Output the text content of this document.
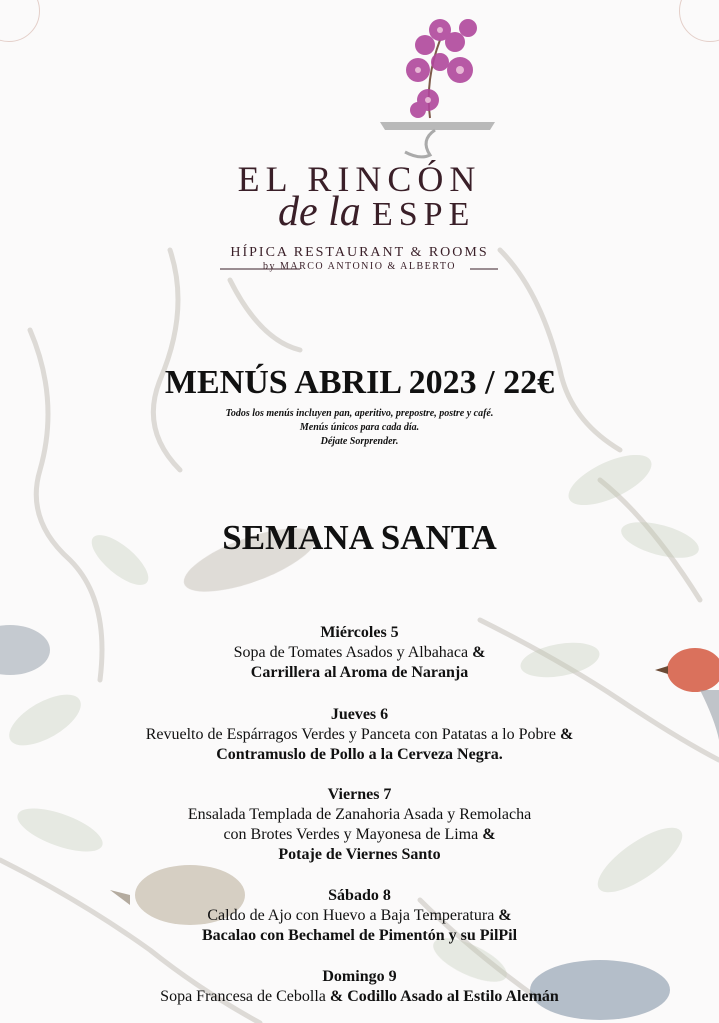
EL RINCÓN
de la ESPE
HÍPICA RESTAURANT & ROOMS
by MARCO ANTONIO & ALBERTO
MENÚS ABRIL 2023 / 22€
Todos los menús incluyen pan, aperitivo, prepostre, postre y café.
Menús únicos para cada día.
Déjate Sorprender.
SEMANA SANTA
Miércoles 5
Sopa de Tomates Asados y Albahaca &
Carrillera al Aroma de Naranja
Jueves 6
Revuelto de Espárragos Verdes y Panceta con Patatas a lo Pobre &
Contramuslo de Pollo a la Cerveza Negra.
Viernes 7
Ensalada Templada de Zanahoria Asada y Remolacha
con Brotes Verdes y Mayonesa de Lima &
Potaje de Viernes Santo
Sábado 8
Caldo de Ajo con Huevo a Baja Temperatura &
Bacalao con Bechamel de Pimentón y su PilPil
Domingo 9
Sopa Francesa de Cebolla & Codillo Asado al Estilo Alemán
